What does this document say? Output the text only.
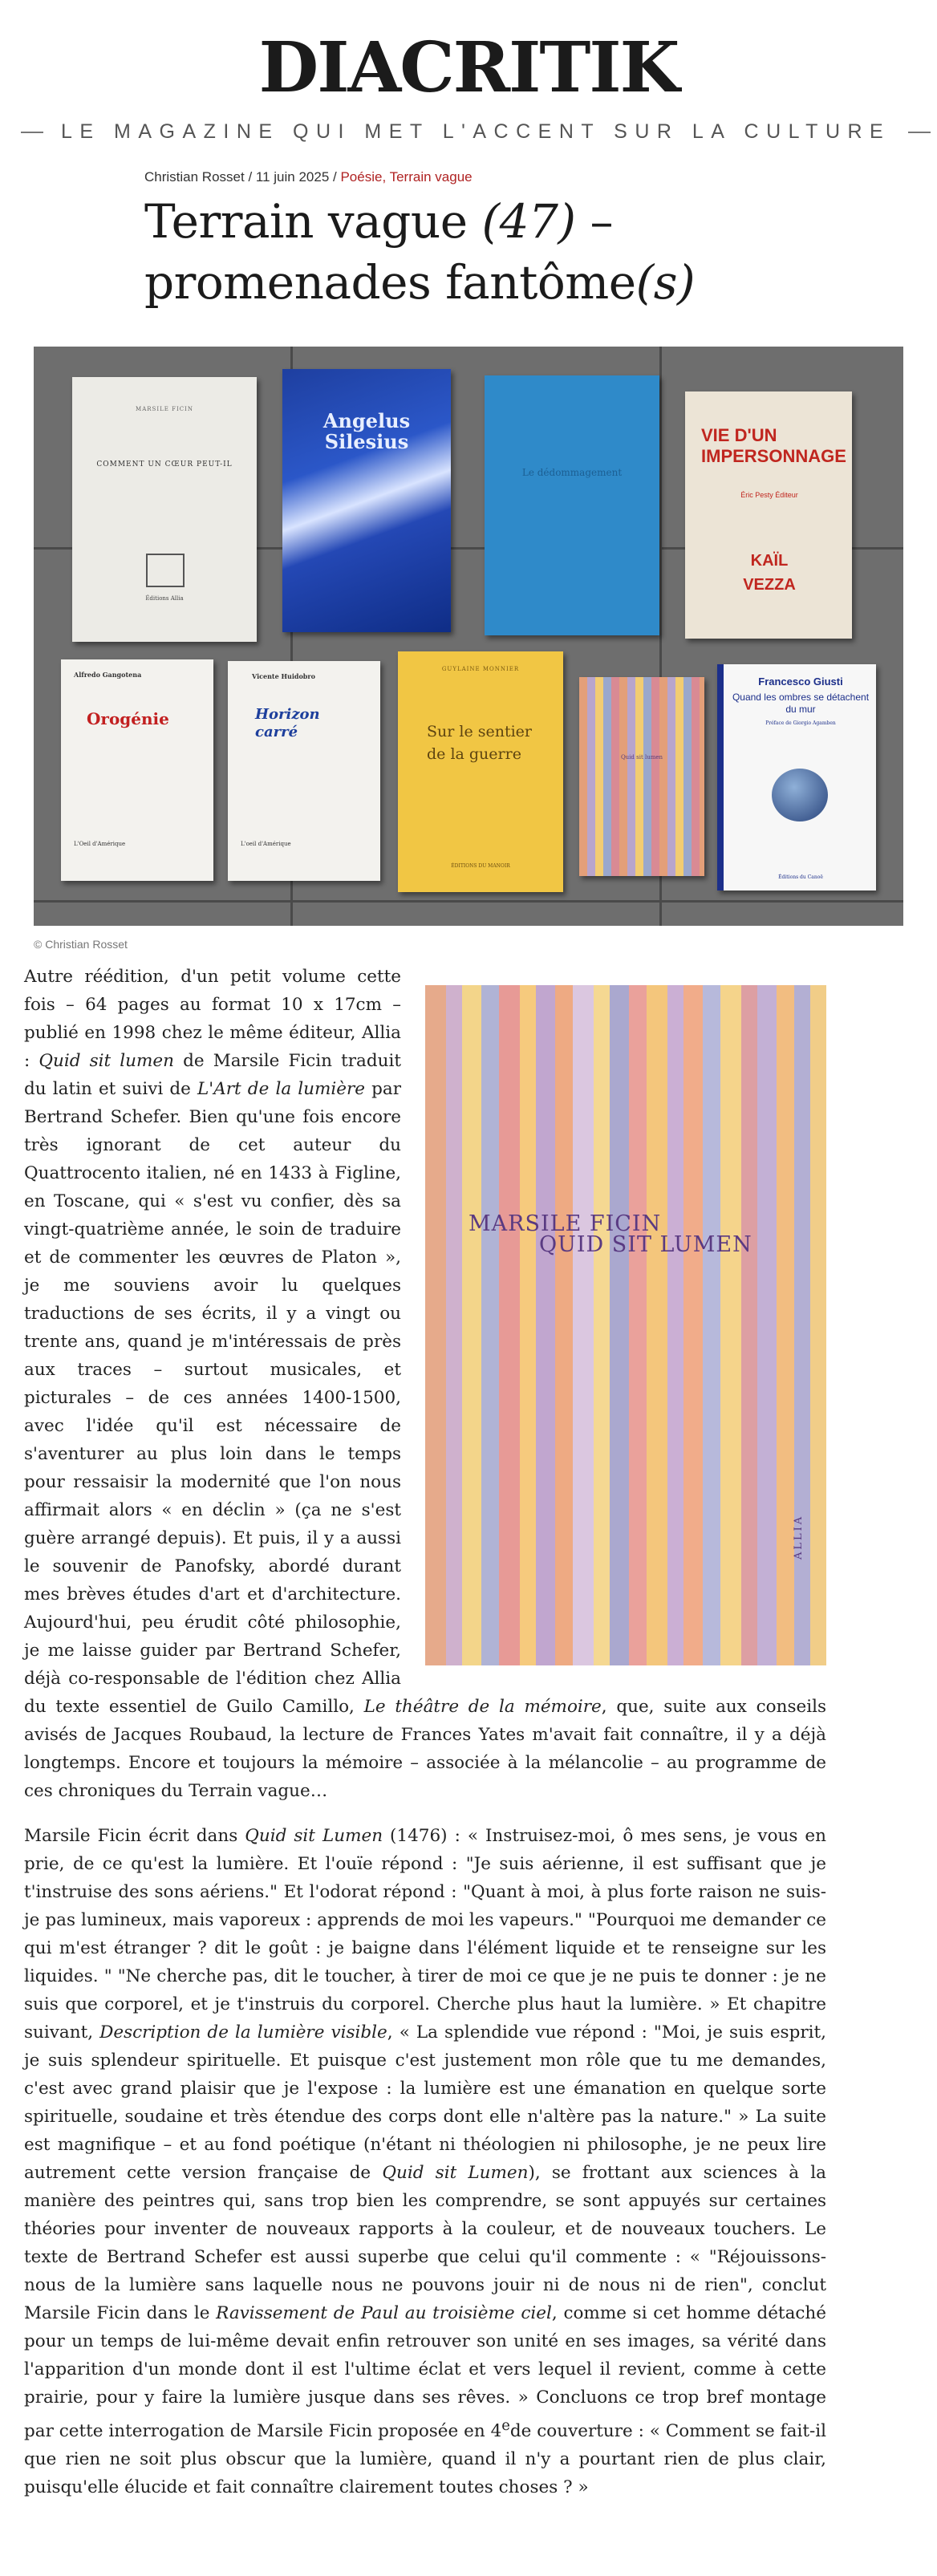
DIACRITIK
LE MAGAZINE QUI MET L'ACCENT SUR LA CULTURE
Christian Rosset / 11 juin 2025 / Poésie, Terrain vague
Terrain vague (47) –
promenades fantôme(s)
MARSILE FICIN
COMMENT UN CŒUR PEUT-IL
Éditions Allia
Angelus Silesius
Le dédommagement
VIE D'UN IMPERSONNAGE
Éric Pesty Éditeur
KAÏL VEZZA
Alfredo Gangotena
Orogénie
L'Oeil d'Amérique
Vicente Huidobro
Horizon carré
L'oeil d'Amérique
GUYLAINE MONNIER
Sur le sentier de la guerre
ÉDITIONS DU MANOIR
Quid sit lumen
Francesco Giusti
Quand les ombres se détachent du mur
Préface de Giorgio Agamben
Éditions du Canoë
© Christian Rosset
MARSILE FICIN
QUID SIT LUMEN
ALLIA

Autre réédition, d'un petit volume cette fois – 64 pages au format 10 x 17cm – publié en 1998 chez le même éditeur, Allia : Quid sit lumen de Marsile Ficin traduit du latin et suivi de L'Art de la lumière par Bertrand Schefer. Bien qu'une fois encore très ignorant de cet auteur du Quattrocento italien, né en 1433 à Figline, en Toscane, qui « s'est vu confier, dès sa vingt-quatrième année, le soin de traduire et de commenter les œuvres de Platon », je me souviens avoir lu quelques traductions de ses écrits, il y a vingt ou trente ans, quand je m'intéressais de près aux traces – surtout musicales, et picturales – de ces années 1400-1500, avec l'idée qu'il est nécessaire de s'aventurer au plus loin dans le temps pour ressaisir la modernité que l'on nous affirmait alors « en déclin » (ça ne s'est guère arrangé depuis). Et puis, il y a aussi le souvenir de Panofsky, abordé durant mes brèves études d'art et d'architecture. Aujourd'hui, peu érudit côté philosophie, je me laisse guider par Bertrand Schefer, déjà co-responsable de l'édition chez Allia du texte essentiel de Guilo Camillo, Le théâtre de la mémoire, que, suite aux conseils avisés de Jacques Roubaud, la lecture de Frances Yates m'avait fait connaître, il y a déjà longtemps. Encore et toujours la mémoire – associée à la mélancolie – au programme de ces chroniques du Terrain vague…

Marsile Ficin écrit dans Quid sit Lumen (1476) : « Instruisez-moi, ô mes sens, je vous en prie, de ce qu'est la lumière. Et l'ouïe répond : "Je suis aérienne, il est suffisant que je t'instruise des sons aériens." Et l'odorat répond : "Quant à moi, à plus forte raison ne suis-je pas lumineux, mais vaporeux : apprends de moi les vapeurs." "Pourquoi me demander ce qui m'est étranger ? dit le goût : je baigne dans l'élément liquide et te renseigne sur les liquides. " "Ne cherche pas, dit le toucher, à tirer de moi ce que je ne puis te donner : je ne suis que corporel, et je t'instruis du corporel. Cherche plus haut la lumière. » Et chapitre suivant, Description de la lumière visible, « La splendide vue répond : "Moi, je suis esprit, je suis splendeur spirituelle. Et puisque c'est justement mon rôle que tu me demandes, c'est avec grand plaisir que je l'expose : la lumière est une émanation en quelque sorte spirituelle, soudaine et très étendue des corps dont elle n'altère pas la nature." » La suite est magnifique – et au fond poétique (n'étant ni théologien ni philosophe, je ne peux lire autrement cette version française de Quid sit Lumen), se frottant aux sciences à la manière des peintres qui, sans trop bien les comprendre, se sont appuyés sur certaines théories pour inventer de nouveaux rapports à la couleur, et de nouveaux touchers. Le texte de Bertrand Schefer est aussi superbe que celui qu'il commente : « "Réjouissons-nous de la lumière sans laquelle nous ne pouvons jouir ni de nous ni de rien", conclut Marsile Ficin dans le Ravissement de Paul au troisième ciel, comme si cet homme détaché pour un temps de lui-même devait enfin retrouver son unité en ses images, sa vérité dans l'apparition d'un monde dont il est l'ultime éclat et vers lequel il revient, comme à cette prairie, pour y faire la lumière jusque dans ses rêves. » Concluons ce trop bref montage par cette interrogation de Marsile Ficin proposée en 4ede couverture : « Comment se fait-il que rien ne soit plus obscur que la lumière, quand il n'y a pourtant rien de plus clair, puisqu'elle élucide et fait connaître clairement toutes choses ? »
